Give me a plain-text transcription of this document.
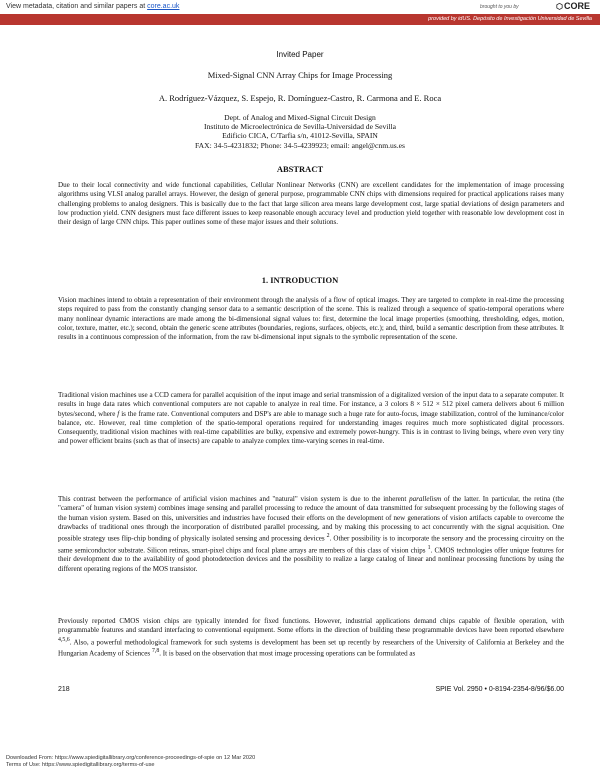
View metadata, citation and similar papers at core.ac.uk	brought to you by	⬡CORE
provided by idUS. Depósito de Investigación Universidad de Sevilla
Invited Paper
Mixed-Signal CNN Array Chips for Image Processing
A. Rodríguez-Vázquez, S. Espejo, R. Domínguez-Castro, R. Carmona and E. Roca
Dept. of Analog and Mixed-Signal Circuit Design
Instituto de Microelectrónica de Sevilla-Universidad de Sevilla
Edificio CICA, C/Tarfia s/n, 41012-Sevilla, SPAIN
FAX: 34-5-4231832; Phone: 34-5-4239923; email: angel@cnm.us.es
ABSTRACT
Due to their local connectivity and wide functional capabilities, Cellular Nonlinear Networks (CNN) are excellent candidates for the implementation of image processing algorithms using VLSI analog parallel arrays. However, the design of general purpose, programmable CNN chips with dimensions required for practical applications raises many challenging problems to analog designers. This is basically due to the fact that large silicon area means large development cost, large spatial deviations of design parameters and low production yield. CNN designers must face different issues to keep reasonable enough accuracy level and production yield together with reasonable low development cost in their design of large CNN chips. This paper outlines some of these major issues and their solutions.
1. INTRODUCTION

Vision machines intend to obtain a representation of their environment through the analysis of a flow of optical images. They are targeted to complete in real-time the processing steps required to pass from the constantly changing sensor data to a semantic description of the scene. This is realized through a sequence of spatio-temporal operations where many nonlinear dynamic interactions are made among the bi-dimensional signal values to: first, determine the local image properties (smoothing, thresholding, edges, motion, color, texture, matter, etc.); second, obtain the generic scene attributes (boundaries, regions, surfaces, objects, etc.); and, third, build a semantic description from these attributes. It results in a continuous compression of the information, from the raw bi-dimensional input signals to the symbolic representation of the scene.

Traditional vision machines use a CCD camera for parallel acquisition of the input image and serial transmission of a digitalized version of the input data to a separate computer. It results in huge data rates which conventional computers are not capable to analyze in real time. For instance, a 3 colors 8 × 512 × 512 pixel camera delivers about 6 million bytes/second, where f is the frame rate. Conventional computers and DSP's are able to manage such a huge rate for auto-focus, image stabilization, control of the luminance/color balance, etc. However, real time completion of the spatio-temporal operations required for understanding images requires much more sophisticated digital processors. Consequently, traditional vision machines with real-time capabilities are bulky, expensive and extremely power-hungry. This is in contrast to living beings, where even very tiny and power efficient brains (such as that of insects) are capable to analyze complex time-varying scenes in real-time.

This contrast between the performance of artificial vision machines and "natural" vision system is due to the inherent parallelism of the latter. In particular, the retina (the "camera" of human vision system) combines image sensing and parallel processing to reduce the amount of data transmitted for subsequent processing by the following stages of the human vision system. Based on this, universities and industries have focused their efforts on the development of new generations of vision artifacts capable to overcome the drawbacks of traditional ones through the incorporation of distributed parallel processing, and by making this processing to act concurrently with the signal acquisition. One possible strategy uses flip-chip bonding of physically isolated sensing and processing devices $^2$. Other possibility is to incorporate the sensory and the processing circuitry on the same semiconductor substrate. Silicon retinas, smart-pixel chips and focal plane arrays are members of this class of vision chips $^1$. CMOS technologies offer unique features for their development due to the availability of good photodetection devices and the possibility to realize a large catalog of linear and nonlinear processing functions by using the different operating regions of the MOS transistor.

Previously reported CMOS vision chips are typically intended for fixed functions. However, industrial applications demand chips capable of flexible operation, with programmable features and standard interfacing to conventional equipment. Some efforts in the direction of building these programmable devices have been reported elsewhere $^{4,5,6}$. Also, a powerful methodological framework for such systems is development has been set up recently by researchers of the University of California at Berkeley and the Hungarian Academy of Sciences $^{7,8}$. It is based on the observation that most image processing operations can be formulated as

218	SPIE Vol. 2950 • 0-8194-2354-8/96/$6.00
Downloaded From: https://www.spiedigitallibrary.org/conference-proceedings-of-spie on 12 Mar 2020
Terms of Use: https://www.spiedigitallibrary.org/terms-of-use
